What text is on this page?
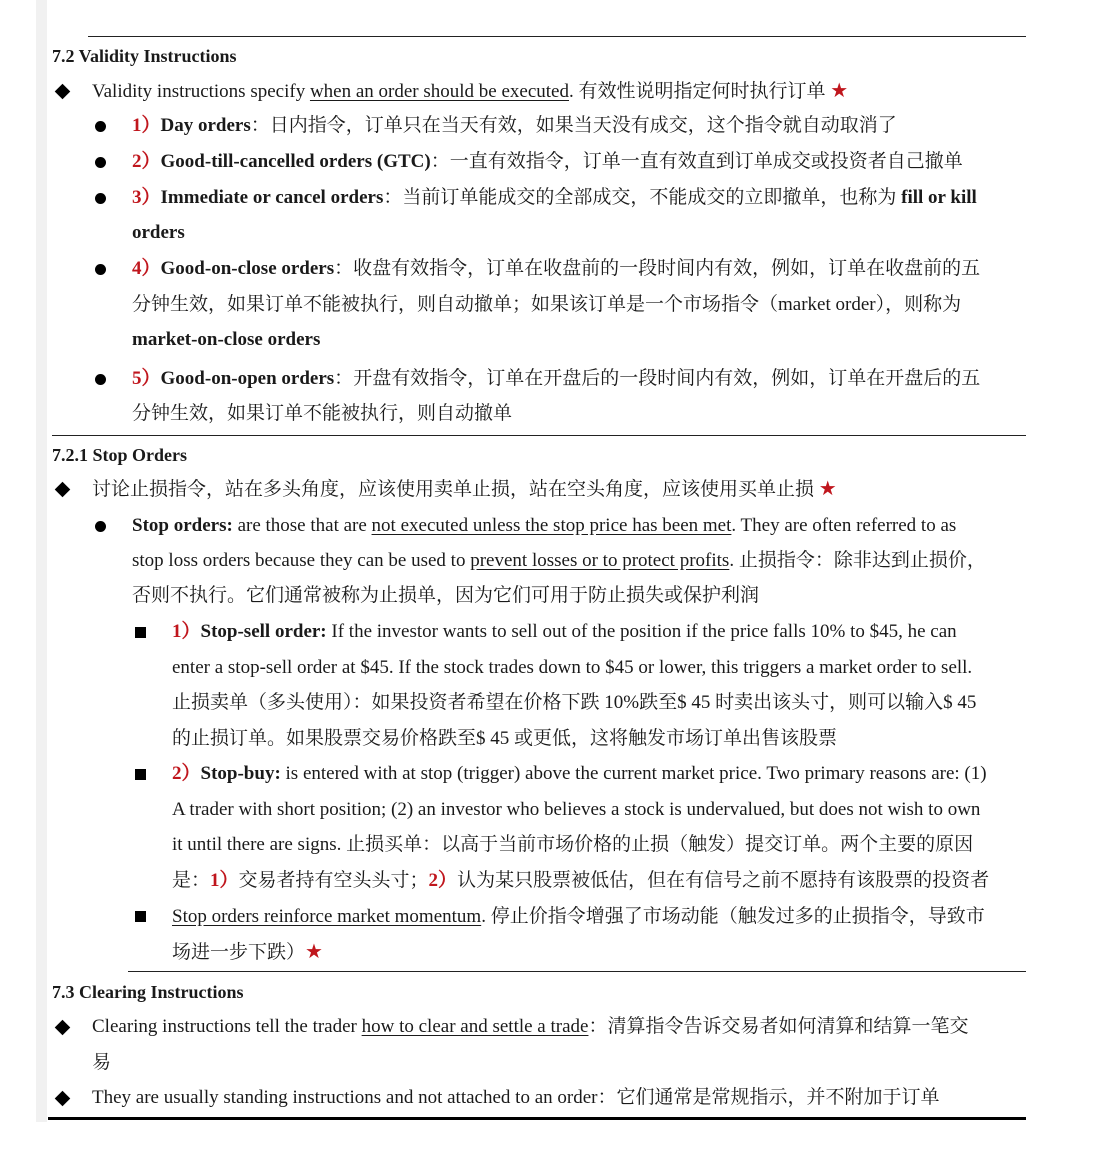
7.2 Validity Instructions
Validity instructions specify when an order should be executed. 有效性说明指定何时执行订单 ★
1）Day orders：日内指令，订单只在当天有效，如果当天没有成交，这个指令就自动取消了
2）Good-till-cancelled orders (GTC)：一直有效指令，订单一直有效直到订单成交或投资者自己撤单
3）Immediate or cancel orders：当前订单能成交的全部成交，不能成交的立即撤单，也称为 fill or kill
orders
4）Good-on-close orders：收盘有效指令，订单在收盘前的一段时间内有效，例如，订单在收盘前的五
分钟生效，如果订单不能被执行，则自动撤单；如果该订单是一个市场指令（market order），则称为
market-on-close orders
5）Good-on-open orders：开盘有效指令，订单在开盘后的一段时间内有效，例如，订单在开盘后的五
分钟生效，如果订单不能被执行，则自动撤单
7.2.1 Stop Orders
讨论止损指令，站在多头角度，应该使用卖单止损，站在空头角度，应该使用买单止损 ★
Stop orders: are those that are not executed unless the stop price has been met. They are often referred to as
stop loss orders because they can be used to prevent losses or to protect profits. 止损指令：除非达到止损价，
否则不执行。它们通常被称为止损单，因为它们可用于防止损失或保护利润
1）Stop-sell order: If the investor wants to sell out of the position if the price falls 10% to $45, he can
enter a stop-sell order at $45. If the stock trades down to $45 or lower, this triggers a market order to sell.
止损卖单（多头使用）：如果投资者希望在价格下跌 10%跌至$ 45 时卖出该头寸，则可以输入$ 45
的止损订单。如果股票交易价格跌至$ 45 或更低，这将触发市场订单出售该股票
2）Stop-buy: is entered with at stop (trigger) above the current market price. Two primary reasons are: (1)
A trader with short position; (2) an investor who believes a stock is undervalued, but does not wish to own
it until there are signs. 止损买单：以高于当前市场价格的止损（触发）提交订单。两个主要的原因
是：1）交易者持有空头头寸；2）认为某只股票被低估，但在有信号之前不愿持有该股票的投资者
Stop orders reinforce market momentum. 停止价指令增强了市场动能（触发过多的止损指令，导致市
场进一步下跌）★
7.3 Clearing Instructions
Clearing instructions tell the trader how to clear and settle a trade：清算指令告诉交易者如何清算和结算一笔交
易
They are usually standing instructions and not attached to an order：它们通常是常规指示，并不附加于订单
